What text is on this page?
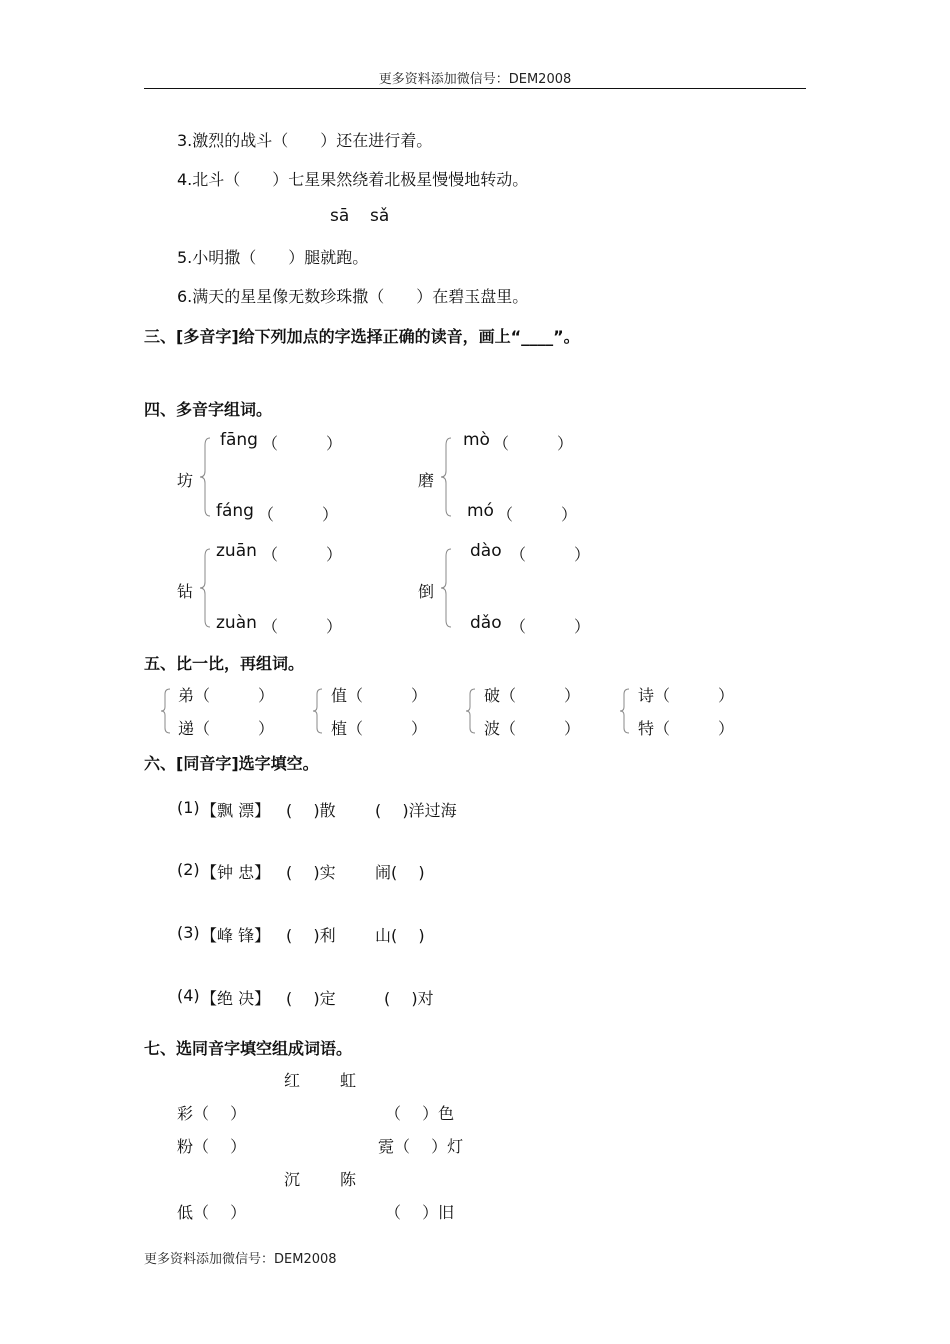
更多资料添加微信号：DEM2008
3.激烈的战斗（　　）还在进行着。
4.北斗（　　）七星果然绕着北极星慢慢地转动。
sā sǎ
5.小明撒（　　）腿就跑。
6.满天的星星像无数珍珠撒（　　）在碧玉盘里。
三、[多音字]给下列加点的字选择正确的读音，画上“____”。
四、多音字组词。
坊
fāng （　　　）
fáng （　　　）
磨
mò （　　　）
mó （　　　）
钻
zuān （　　　）
zuàn （　　　）
倒
dào （　　　）
dǎo （　　　）
五、比一比，再组词。
弟（　　　）
递（　　　）
值（　　　）
植（　　　）
破（　　　）
波（　　　）
诗（　　　）
特（　　　）
六、[同音字]选字填空。
(1) 【飘 漂】 (　 )散 (　 )洋过海
(2) 【钟 忠】 (　 )实 闹(　 )
(3) 【峰 锋】 (　 )利 山(　 )
(4) 【绝 决】 (　 )定	(　 )对
七、选同音字填空组成词语。
红 虹
彩（　 ）	（　 ）色
粉（　 ）	霓（　 ）灯
沉 陈
低（　 ）	（　 ）旧
更多资料添加微信号：DEM2008
